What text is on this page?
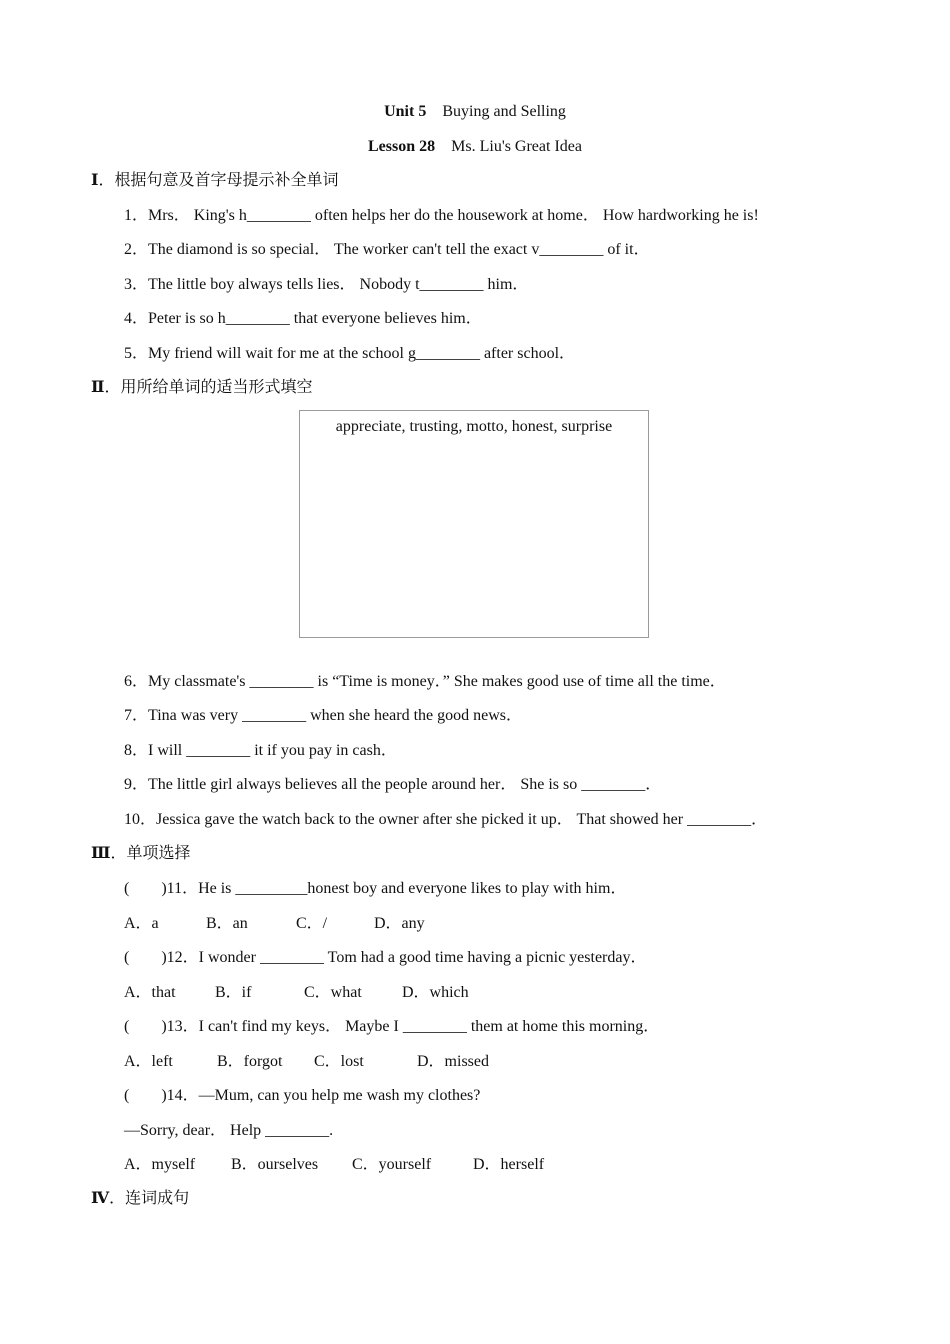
Unit 5　 Buying and Selling
Lesson 28　 Ms. Liu's Great Idea
Ⅰ．根据句意及首字母提示补全单词
1．Mrs． King's h________ often helps her do the housework at home． How hardworking he is!
2．The diamond is so special． The worker can't tell the exact v________ of it．
3．The little boy always tells lies． Nobody t________ him．
4．Peter is so h________ that everyone believes him．
5．My friend will wait for me at the school g________ after school．
Ⅱ．用所给单词的适当形式填空
appreciate, trusting, motto, honest, surprise
6．My classmate's ________ is “Time is money．” She makes good use of time all the time．
7．Tina was very ________ when she heard the good news．
8．I will ________ it if you pay in cash．
9．The little girl always believes all the people around her． She is so ________．
10．Jessica gave the watch back to the owner after she picked it up． That showed her ________．
Ⅲ．单项选择
(　　)11．He is _________honest boy and everyone likes to play with him．
A．a	B．an	C．/	D．any
(　　)12．I wonder ________ Tom had a good time having a picnic yesterday．
A．that B．if	C．what	D．which
(　　)13．I can't find my keys． Maybe I ________ them at home this morning．
A．left	B．forgot C．lost	D．missed
(　　)14．—Mum, can you help me wash my clothes?
—Sorry, dear． Help ________.
A．myself B．ourselves C．yourself	D．herself
Ⅳ．连词成句
